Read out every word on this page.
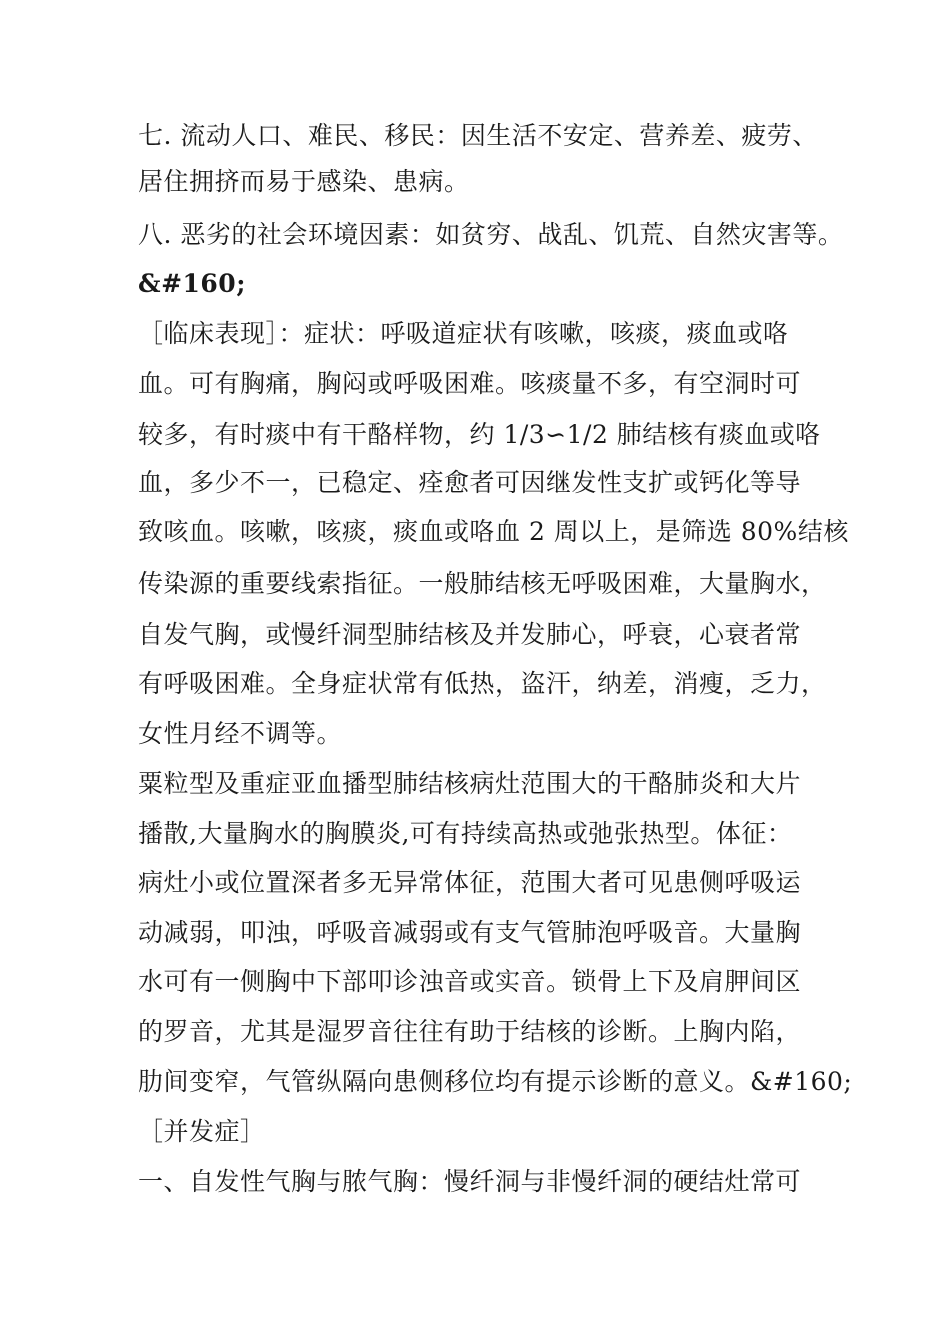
七. 流动人口、难民、移民：因生活不安定、营养差、疲劳、
居住拥挤而易于感染、患病。
八. 恶劣的社会环境因素：如贫穷、战乱、饥荒、自然灾害等。
&#160;
［临床表现］：症状：呼吸道症状有咳嗽，咳痰，痰血或咯
血。可有胸痛，胸闷或呼吸困难。咳痰量不多，有空洞时可
较多，有时痰中有干酪样物，约 1/3∽1/2 肺结核有痰血或咯
血，多少不一，已稳定、痊愈者可因继发性支扩或钙化等导
致咳血。咳嗽，咳痰，痰血或咯血 2 周以上，是筛选 80%结核
传染源的重要线索指征。一般肺结核无呼吸困难，大量胸水，
自发气胸，或慢纤洞型肺结核及并发肺心，呼衰，心衰者常
有呼吸困难。全身症状常有低热，盗汗，纳差，消瘦，乏力，
女性月经不调等。
粟粒型及重症亚血播型肺结核病灶范围大的干酪肺炎和大片
播散,大量胸水的胸膜炎,可有持续高热或弛张热型。体征：
病灶小或位置深者多无异常体征，范围大者可见患侧呼吸运
动减弱，叩浊，呼吸音减弱或有支气管肺泡呼吸音。大量胸
水可有一侧胸中下部叩诊浊音或实音。锁骨上下及肩胛间区
的罗音，尤其是湿罗音往往有助于结核的诊断。上胸内陷，
肋间变窄，气管纵隔向患侧移位均有提示诊断的意义。&#160;
［并发症］
一、自发性气胸与脓气胸：慢纤洞与非慢纤洞的硬结灶常可
